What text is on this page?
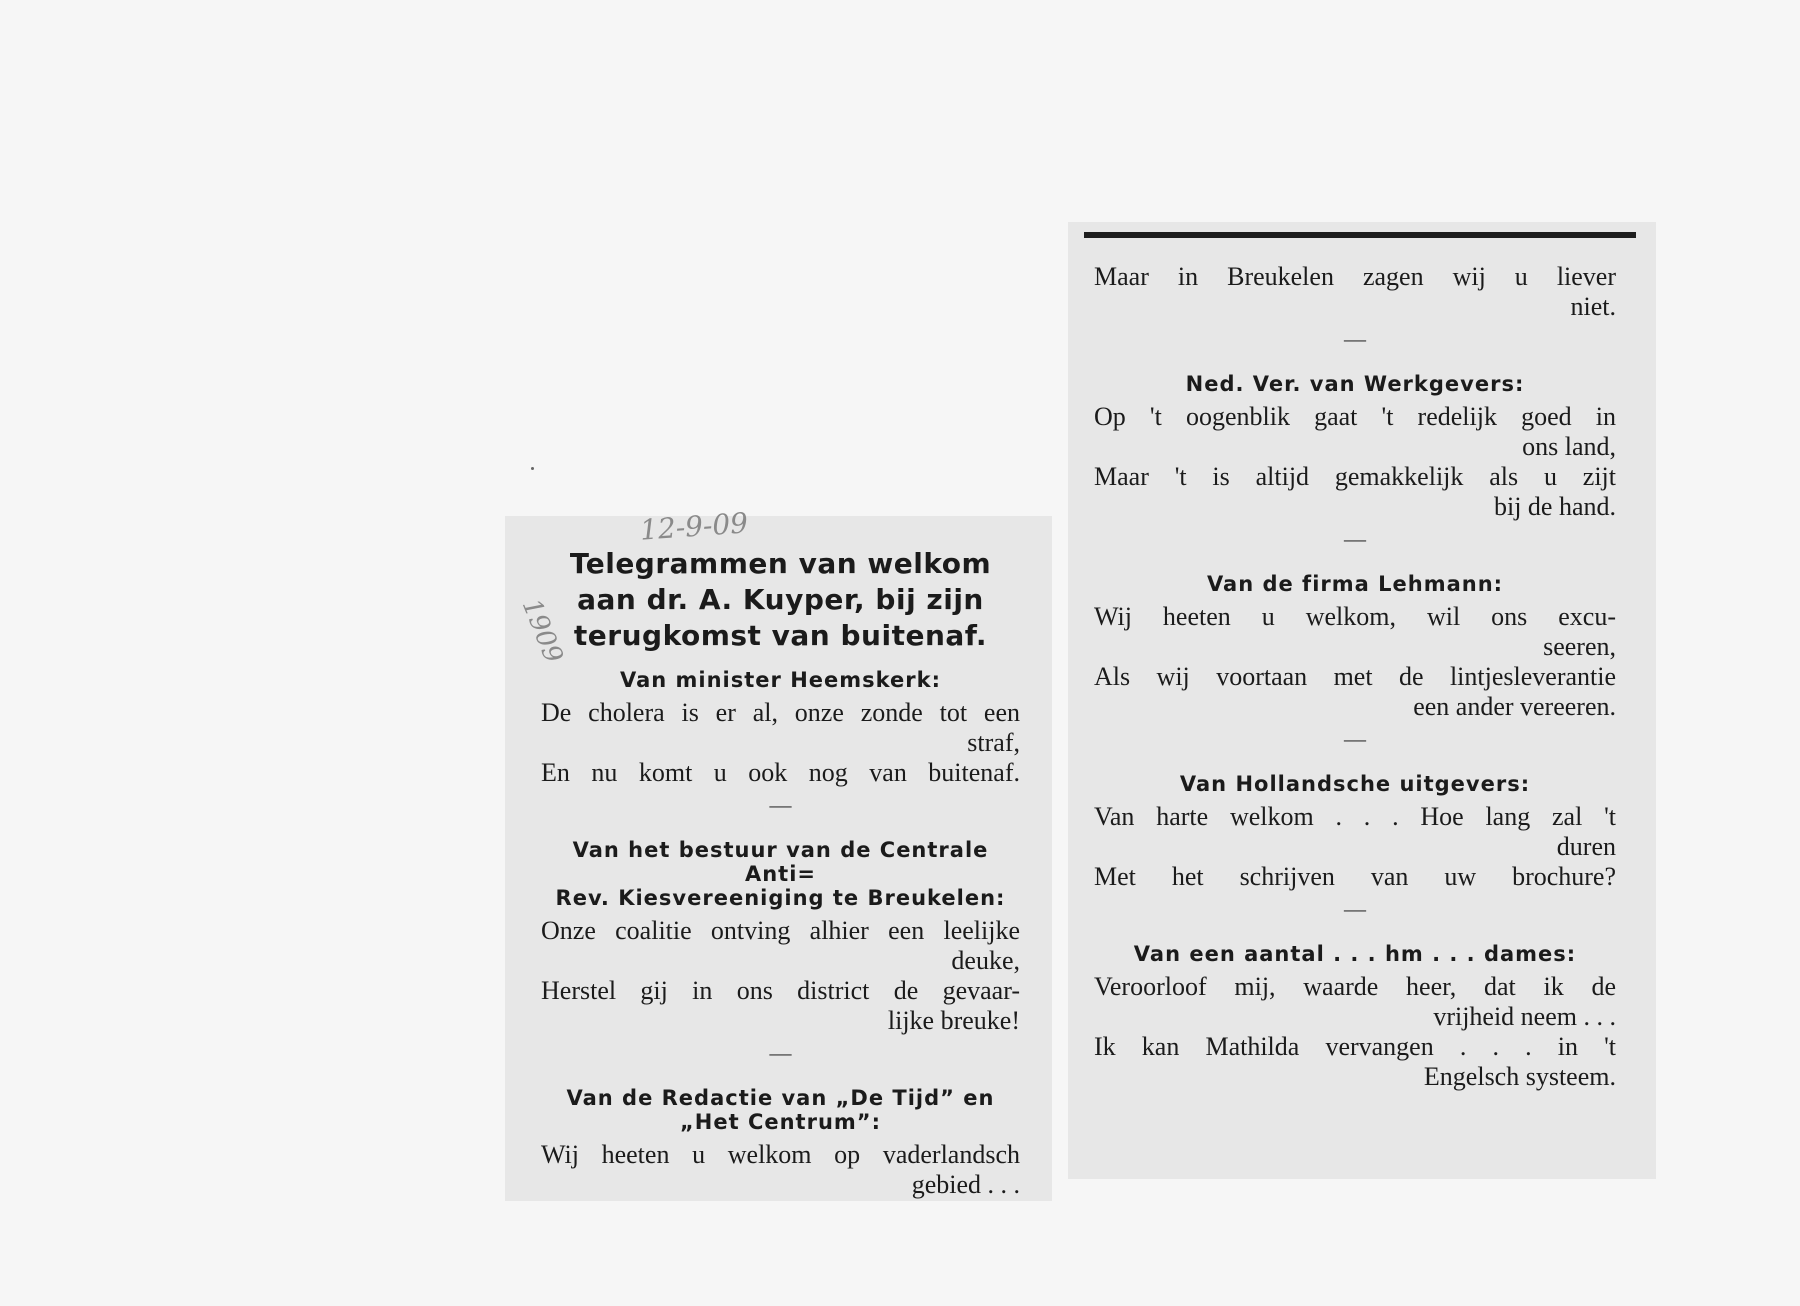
12-9-09
1909
Telegrammen van welkom
aan dr. A. Kuyper, bij zijn
terugkomst van buitenaf.
Van minister Heemskerk:
De cholera is er al, onze zonde tot een
straf,
En nu komt u ook nog van buitenaf.
—
Van het bestuur van de Centrale Anti=
Rev. Kiesvereeniging te Breukelen:
Onze coalitie ontving alhier een leelijke
deuke,
Herstel gij in ons district de gevaar-
lijke breuke!
—
Van de Redactie van „De Tijd” en
„Het Centrum”:
Wij heeten u welkom op vaderlandsch
gebied . . .
Maar in Breukelen zagen wij u liever
niet.
—
Ned. Ver. van Werkgevers:
Op 't oogenblik gaat 't redelijk goed in
ons land,
Maar 't is altijd gemakkelijk als u zijt
bij de hand.
—
Van de firma Lehmann:
Wij heeten u welkom, wil ons excu-
seeren,
Als wij voortaan met de lintjesleverantie
een ander vereeren.
—
Van Hollandsche uitgevers:
Van harte welkom . . . Hoe lang zal 't
duren
Met het schrijven van uw brochure?
—
Van een aantal . . . hm . . . dames:
Veroorloof mij, waarde heer, dat ik de
vrijheid neem . . .
Ik kan Mathilda vervangen . . . in 't
Engelsch systeem.
